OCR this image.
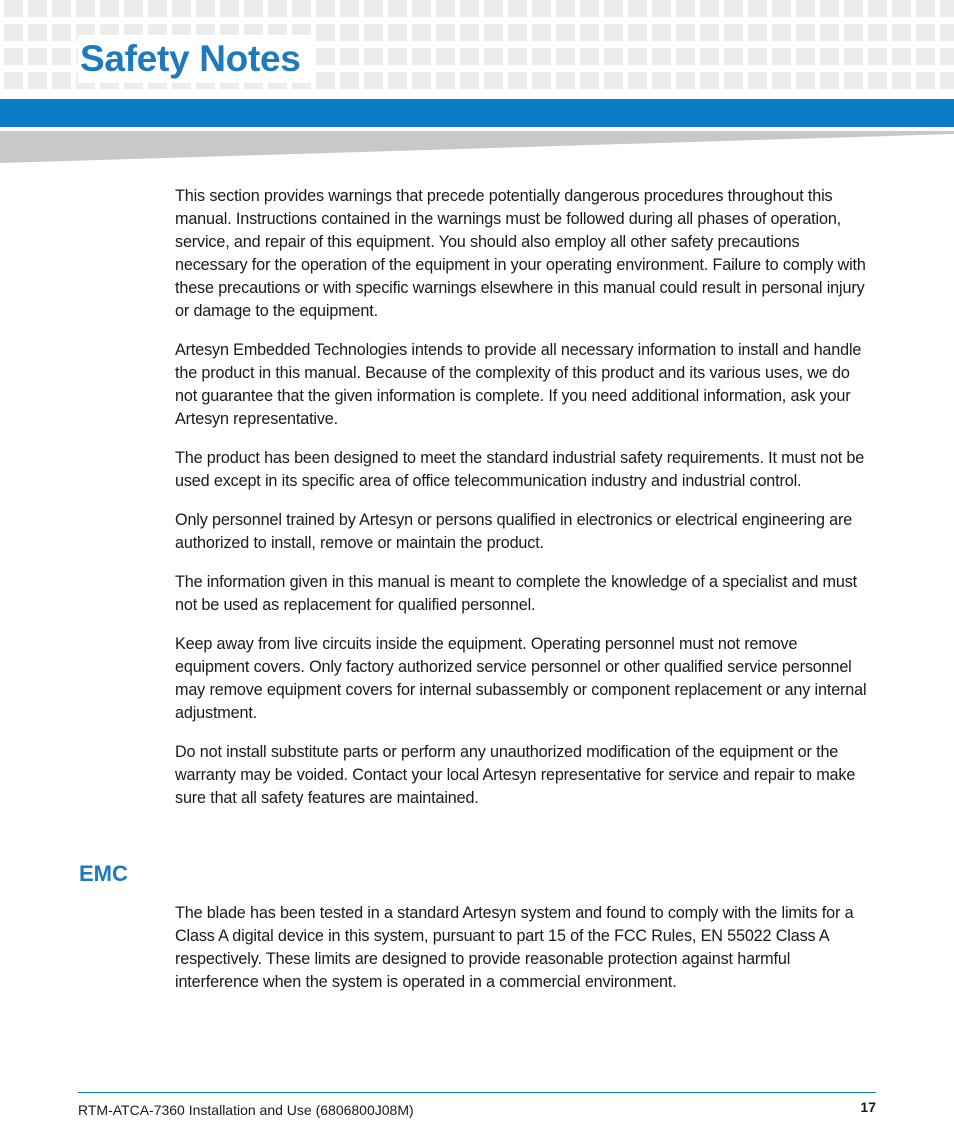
Safety Notes

This section provides warnings that precede potentially dangerous procedures throughout this manual. Instructions contained in the warnings must be followed during all phases of operation, service, and repair of this equipment. You should also employ all other safety precautions necessary for the operation of the equipment in your operating environment. Failure to comply with these precautions or with specific warnings elsewhere in this manual could result in personal injury or damage to the equipment.

Artesyn Embedded Technologies intends to provide all necessary information to install and handle the product in this manual. Because of the complexity of this product and its various uses, we do not guarantee that the given information is complete. If you need additional information, ask your Artesyn representative.

The product has been designed to meet the standard industrial safety requirements. It must not be used except in its specific area of office telecommunication industry and industrial control.

Only personnel trained by Artesyn or persons qualified in electronics or electrical engineering are authorized to install, remove or maintain the product.

The information given in this manual is meant to complete the knowledge of a specialist and must not be used as replacement for qualified personnel.

Keep away from live circuits inside the equipment. Operating personnel must not remove equipment covers. Only factory authorized service personnel or other qualified service personnel may remove equipment covers for internal subassembly or component replacement or any internal adjustment.

Do not install substitute parts or perform any unauthorized modification of the equipment or the warranty may be voided. Contact your local Artesyn representative for service and repair to make sure that all safety features are maintained.

EMC

The blade has been tested in a standard Artesyn system and found to comply with the limits for a Class A digital device in this system, pursuant to part 15 of the FCC Rules, EN 55022 Class A respectively. These limits are designed to provide reasonable protection against harmful interference when the system is operated in a commercial environment.

RTM-ATCA-7360 Installation and Use (6806800J08M)	17
